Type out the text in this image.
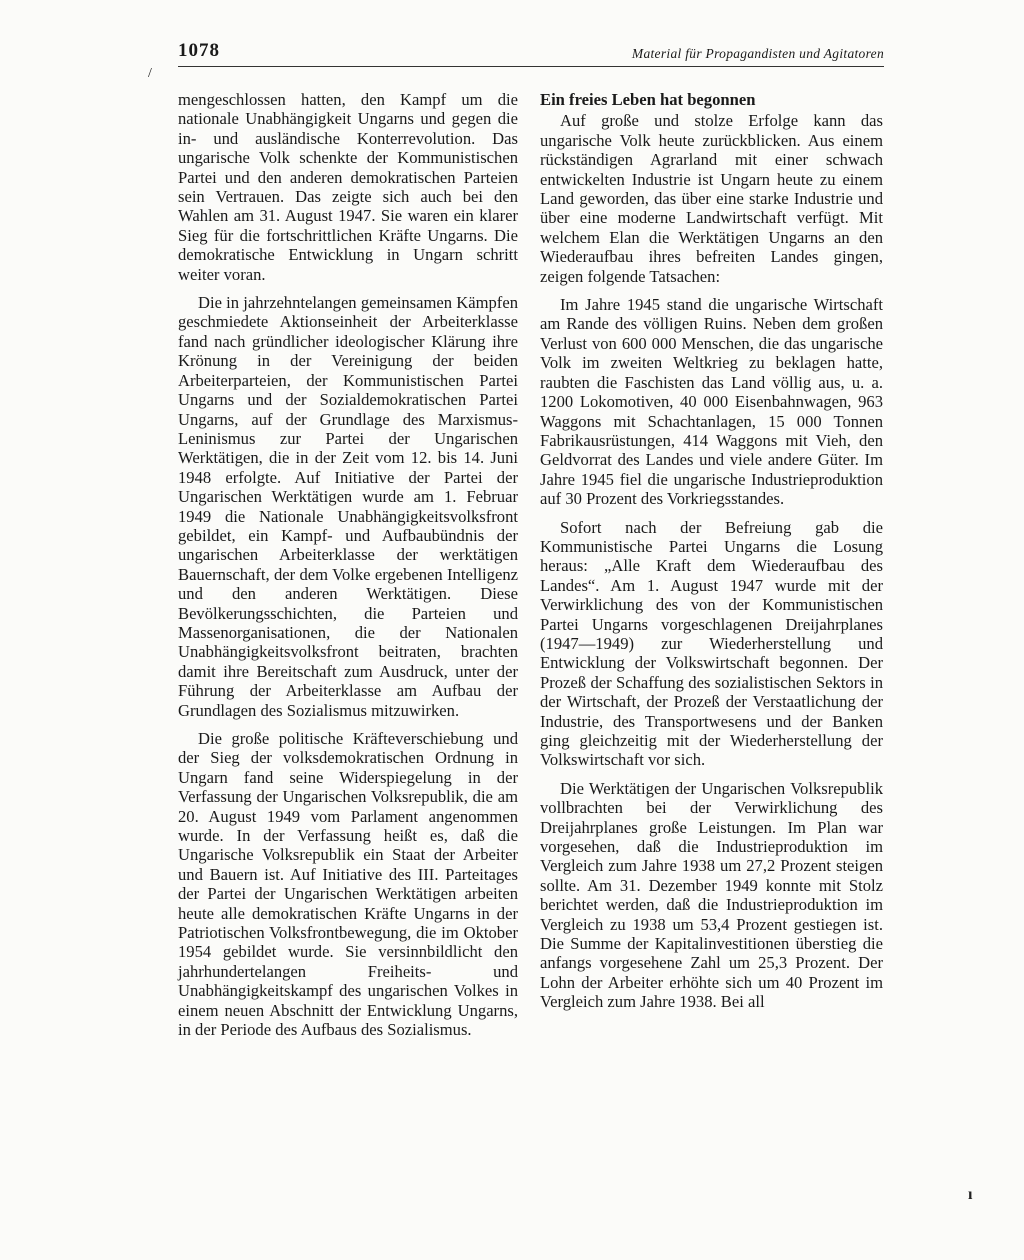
1078	Material für Propagandisten und Agitatoren
/
ı

mengeschlossen hatten, den Kampf um die nationale Unabhängigkeit Ungarns und gegen die in- und ausländische Konterrevolution. Das ungarische Volk schenkte der Kommunistischen Partei und den anderen demokratischen Parteien sein Vertrauen. Das zeigte sich auch bei den Wahlen am 31. August 1947. Sie waren ein klarer Sieg für die fortschrittlichen Kräfte Ungarns. Die demokratische Entwicklung in Ungarn schritt weiter voran.

Die in jahrzehntelangen gemeinsamen Kämpfen geschmiedete Aktionseinheit der Arbeiterklasse fand nach gründlicher ideologischer Klärung ihre Krönung in der Vereinigung der beiden Arbeiterparteien, der Kommunistischen Partei Ungarns und der Sozialdemokratischen Partei Ungarns, auf der Grundlage des Marxismus-Leninismus zur Partei der Ungarischen Werktätigen, die in der Zeit vom 12. bis 14. Juni 1948 erfolgte. Auf Initiative der Partei der Ungarischen Werktätigen wurde am 1. Februar 1949 die Nationale Unabhängigkeitsvolksfront gebildet, ein Kampf- und Aufbaubündnis der ungarischen Arbeiterklasse der werktätigen Bauernschaft, der dem Volke ergebenen Intelligenz und den anderen Werktätigen. Diese Bevölkerungsschichten, die Parteien und Massenorganisationen, die der Nationalen Unabhängigkeitsvolksfront beitraten, brachten damit ihre Bereitschaft zum Ausdruck, unter der Führung der Arbeiterklasse am Aufbau der Grundlagen des Sozialismus mitzuwirken.

Die große politische Kräfteverschiebung und der Sieg der volksdemokratischen Ordnung in Ungarn fand seine Widerspiegelung in der Verfassung der Ungarischen Volksrepublik, die am 20. August 1949 vom Parlament angenommen wurde. In der Verfassung heißt es, daß die Ungarische Volksrepublik ein Staat der Arbeiter und Bauern ist. Auf Initiative des III. Parteitages der Partei der Ungarischen Werktätigen arbeiten heute alle demokratischen Kräfte Ungarns in der Patriotischen Volksfrontbewegung, die im Oktober 1954 gebildet wurde. Sie versinnbildlicht den jahrhundertelangen Freiheits- und Unabhängigkeitskampf des ungarischen Volkes in einem neuen Abschnitt der Entwicklung Ungarns, in der Periode des Aufbaus des Sozialismus.

Ein freies Leben hat begonnen

Auf große und stolze Erfolge kann das ungarische Volk heute zurückblicken. Aus einem rückständigen Agrarland mit einer schwach entwickelten Industrie ist Ungarn heute zu einem Land geworden, das über eine starke Industrie und über eine moderne Landwirtschaft verfügt. Mit welchem Elan die Werktätigen Ungarns an den Wiederaufbau ihres befreiten Landes gingen, zeigen folgende Tatsachen:

Im Jahre 1945 stand die ungarische Wirtschaft am Rande des völligen Ruins. Neben dem großen Verlust von 600 000 Menschen, die das ungarische Volk im zweiten Weltkrieg zu beklagen hatte, raubten die Faschisten das Land völlig aus, u. a. 1200 Lokomotiven, 40 000 Eisenbahnwagen, 963 Waggons mit Schachtanlagen, 15 000 Tonnen Fabrikausrüstungen, 414 Waggons mit Vieh, den Geldvorrat des Landes und viele andere Güter. Im Jahre 1945 fiel die ungarische Industrieproduktion auf 30 Prozent des Vorkriegsstandes.

Sofort nach der Befreiung gab die Kommunistische Partei Ungarns die Losung heraus: „Alle Kraft dem Wiederaufbau des Landes“. Am 1. August 1947 wurde mit der Verwirklichung des von der Kommunistischen Partei Ungarns vorgeschlagenen Dreijahrplanes (1947—1949) zur Wiederherstellung und Entwicklung der Volkswirtschaft begonnen. Der Prozeß der Schaffung des sozialistischen Sektors in der Wirtschaft, der Prozeß der Verstaatlichung der Industrie, des Transportwesens und der Banken ging gleichzeitig mit der Wiederherstellung der Volkswirtschaft vor sich.

Die Werktätigen der Ungarischen Volksrepublik vollbrachten bei der Verwirklichung des Dreijahrplanes große Leistungen. Im Plan war vorgesehen, daß die Industrieproduktion im Vergleich zum Jahre 1938 um 27,2 Prozent steigen sollte. Am 31. Dezember 1949 konnte mit Stolz berichtet werden, daß die Industrieproduktion im Vergleich zu 1938 um 53,4 Prozent gestiegen ist. Die Summe der Kapitalinvestitionen überstieg die anfangs vorgesehene Zahl um 25,3 Prozent. Der Lohn der Arbeiter erhöhte sich um 40 Prozent im Vergleich zum Jahre 1938. Bei all
